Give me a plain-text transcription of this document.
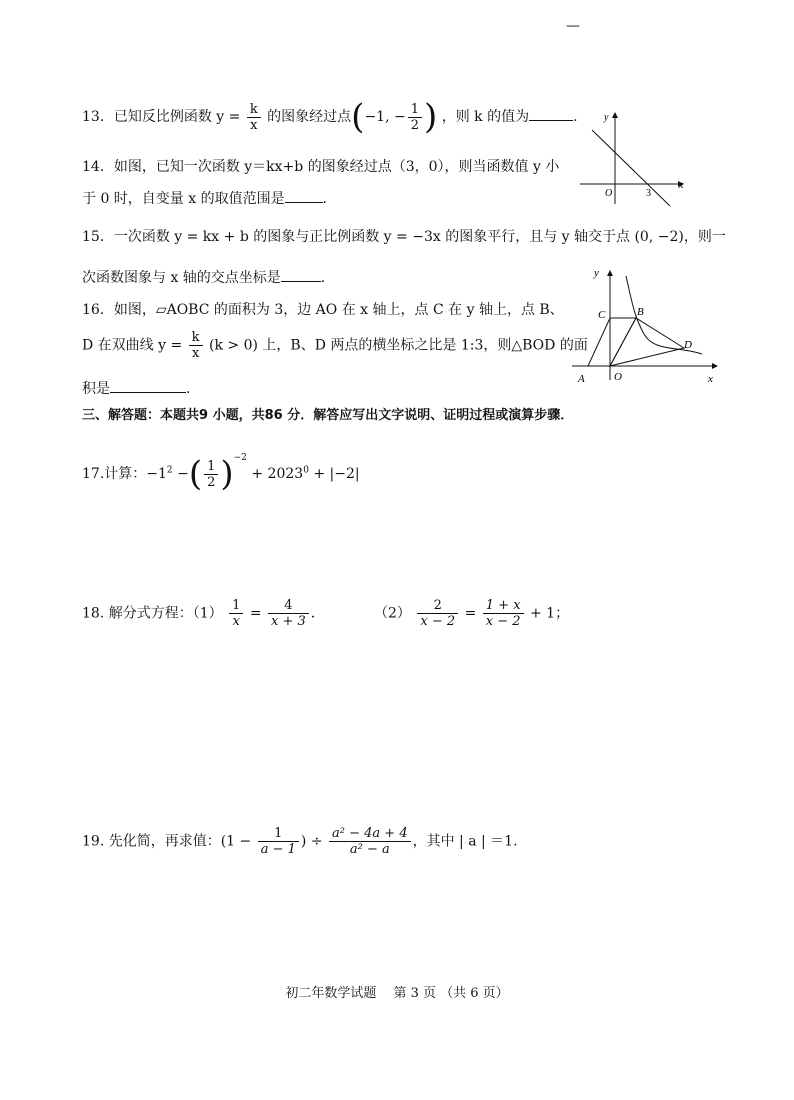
—
13．已知反比例函数 $y = \frac{k}{x}$ 的图象经过点(−1, − $\frac{1}{2}$ ) ，则 k 的值为	.	y
x
O	3
14．如图，已知一次函数 y＝kx+b 的图象经过点（3，0），则当函数值 y 小
于 0 时，自变量 x 的取值范围是	.
15．一次函数 y = kx + b 的图象与正比例函数 y = −3x 的图象平行，且与 y 轴交于点 (0, −2)，则一
次函数图象与 x 轴的交点坐标是	.	y
x
O
A
B
C
D
16．如图，▱AOBC 的面积为 3，边 AO 在 x 轴上，点 C 在 y 轴上，点 B、
D 在双曲线 $y = \frac{k}{x} (k > 0)$ 上，B、D 两点的横坐标之比是 1:3，则△BOD 的面
积是	.
三、解答题：本题共9 小题，共86 分．解答应写出文字说明、证明过程或演算步骤．
17.计算：$-1^2$ −( $\frac{1}{2} )^{-2} + 2023^0 + |-2|$
18. 解分式方程：$(1) \frac{1}{x} = \frac{4}{x + 3}$ ．	$(2) \frac{2}{x - 2} = \frac{1 + x}{x - 2} + 1$；
19. 先化简，再求值：($1 - \frac{1}{a - 1}$ ) ÷ $\frac{\text{a² − 4a + 4}}{\text{a² − a}}$ ，其中 | a | ＝1.
初二年数学试题　 第 3 页 （共 6 页）
